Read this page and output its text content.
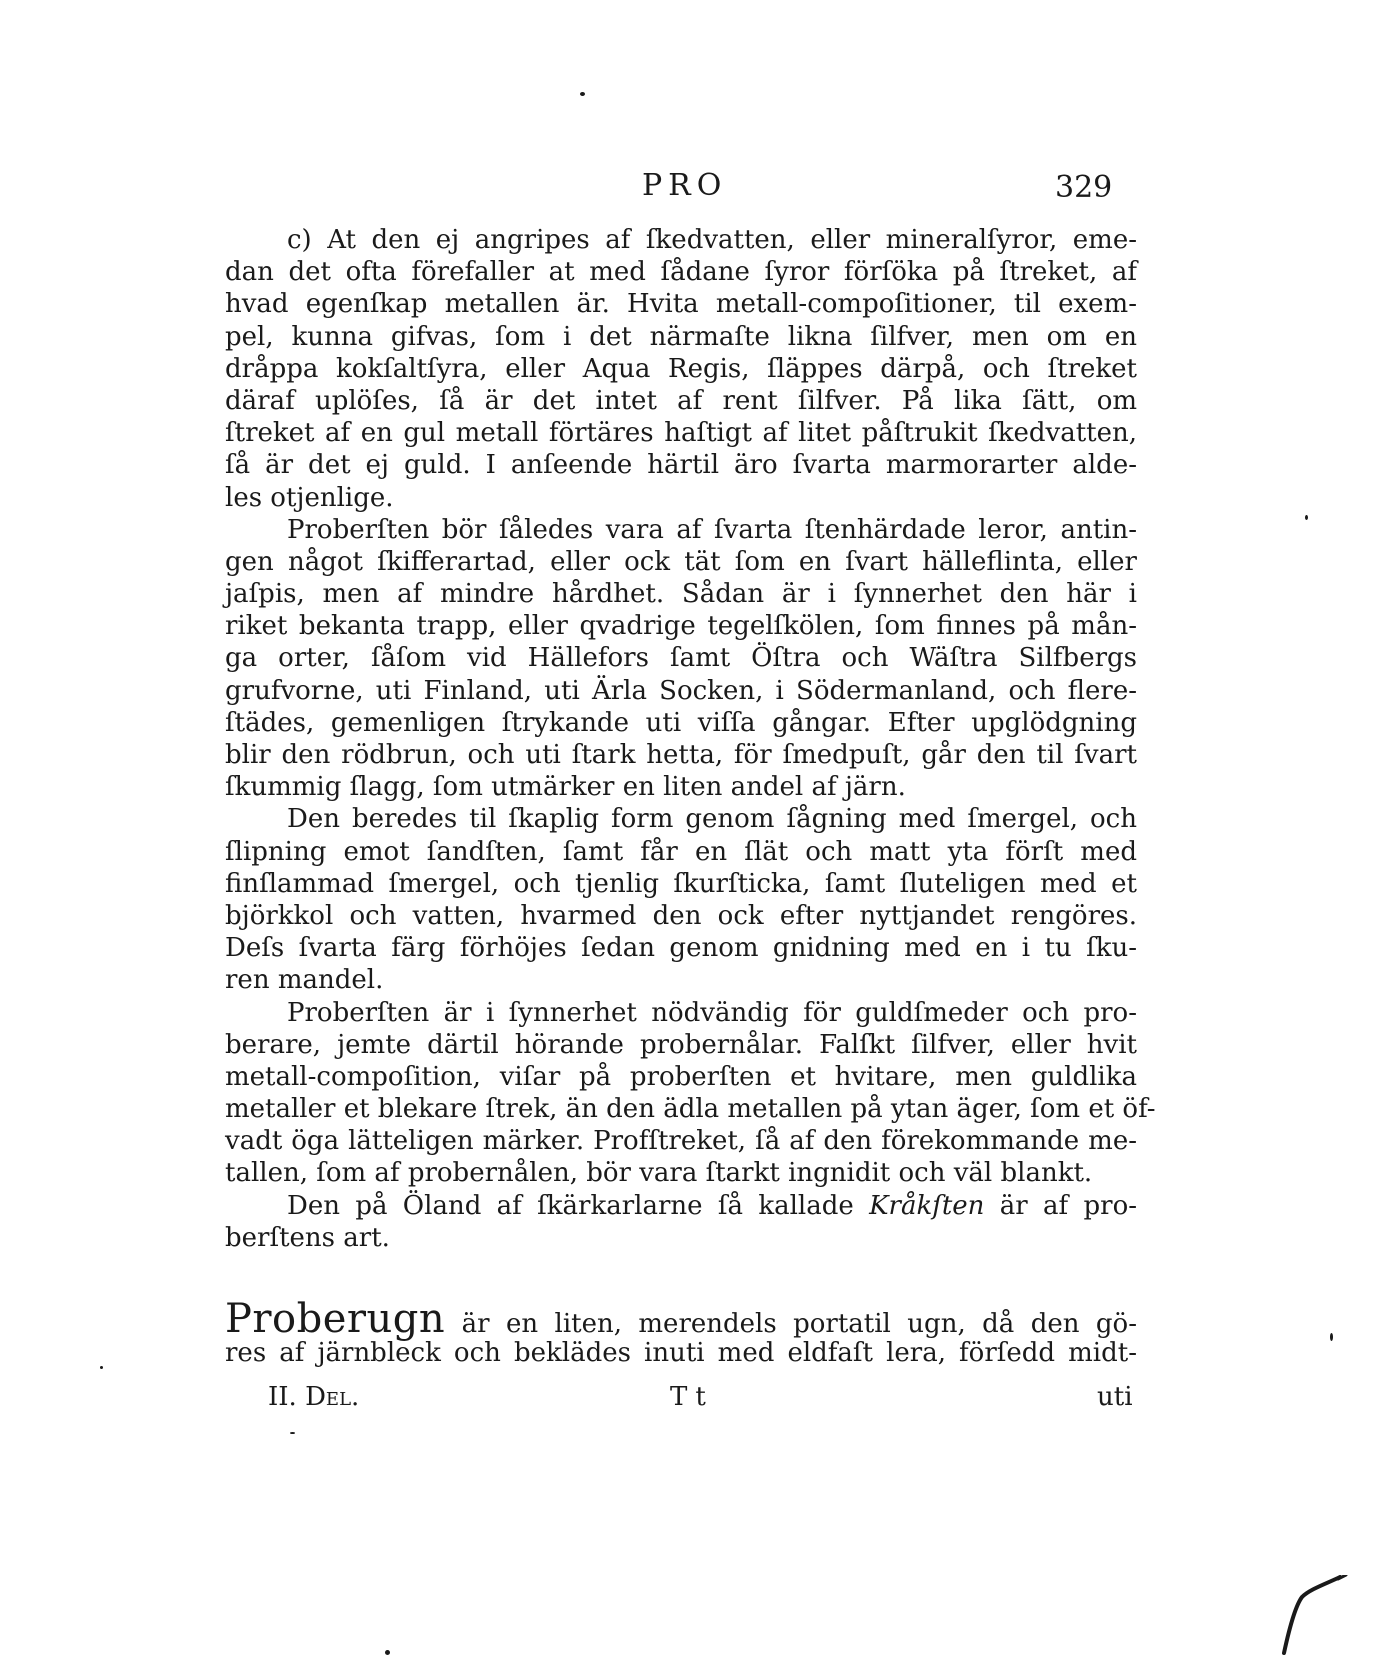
PRO	329
c) At den ej angripes af ſkedvatten, eller mineralſyror, eme-
dan det ofta förefaller at med ſådane ſyror förſöka på ſtreket, af
hvad egenſkap metallen är. Hvita metall-compoſitioner, til exem-
pel, kunna gifvas, ſom i det närmaſte likna ſilfver, men om en
dråppa kokſaltſyra, eller Aqua Regis, ſläppes därpå, och ſtreket
däraf uplöſes, ſå är det intet af rent ſilfver. På lika ſätt, om
ſtreket af en gul metall förtäres haſtigt af litet påſtrukit ſkedvatten,
ſå är det ej guld. I anſeende härtil äro ſvarta marmorarter alde-
les otjenlige.
Proberſten bör ſåledes vara af ſvarta ſtenhärdade leror, antin-
gen något ſkifferartad, eller ock tät ſom en ſvart hälleflinta, eller
jaſpis, men af mindre hårdhet. Sådan är i ſynnerhet den här i
riket bekanta trapp, eller qvadrige tegelſkölen, ſom finnes på mån-
ga orter, ſåſom vid Hällefors ſamt Öſtra och Wäſtra Silfbergs
grufvorne, uti Finland, uti Ärla Socken, i Södermanland, och flere-
ſtädes, gemenligen ſtrykande uti viſſa gångar. Efter upglödgning
blir den rödbrun, och uti ſtark hetta, för ſmedpuſt, går den til ſvart
ſkummig ſlagg, ſom utmärker en liten andel af järn.
Den beredes til ſkaplig form genom ſågning med ſmergel, och
ſlipning emot ſandſten, ſamt får en ſlät och matt yta förſt med
finſlammad ſmergel, och tjenlig ſkurſticka, ſamt ſluteligen med et
björkkol och vatten, hvarmed den ock efter nyttjandet rengöres.
Deſs ſvarta färg förhöjes ſedan genom gnidning med en i tu ſku-
ren mandel.
Proberſten är i ſynnerhet nödvändig för guldſmeder och pro-
berare, jemte därtil hörande probernålar. Falſkt ſilfver, eller hvit
metall-compoſition, viſar på proberſten et hvitare, men guldlika
metaller et blekare ſtrek, än den ädla metallen på ytan äger, ſom et öf-
vadt öga lätteligen märker. Profſtreket, ſå af den förekommande me-
tallen, ſom af probernålen, bör vara ſtarkt ingnidit och väl blankt.
Den på Öland af ſkärkarlarne ſå kallade Kråkſten är af pro-
berſtens art.
Proberugn är en liten, merendels portatil ugn, då den gö-
res af järnbleck och beklädes inuti med eldfaſt lera, förſedd midt-
II. Del.	Tt	uti
